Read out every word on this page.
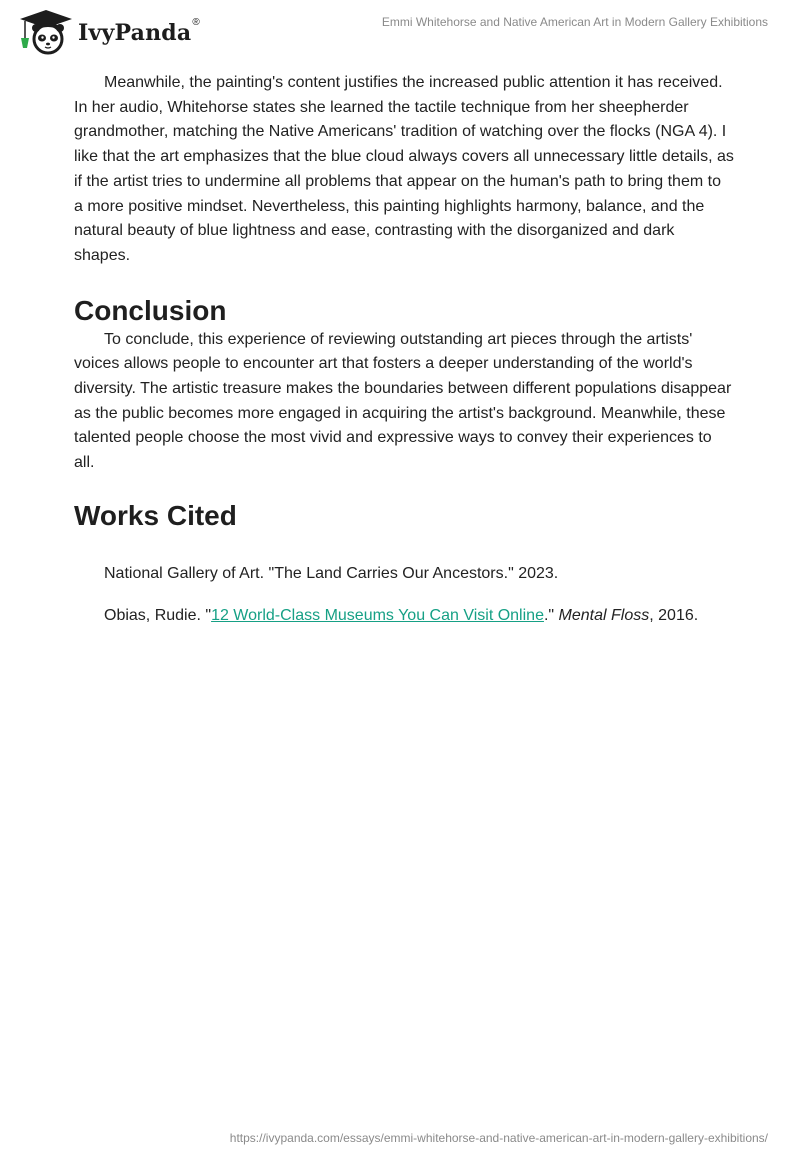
IvyPanda ®	Emmi Whitehorse and Native American Art in Modern Gallery Exhibitions

Meanwhile, the painting's content justifies the increased public attention it has received. In her audio, Whitehorse states she learned the tactile technique from her sheepherder grandmother, matching the Native Americans' tradition of watching over the flocks (NGA 4). I like that the art emphasizes that the blue cloud always covers all unnecessary little details, as if the artist tries to undermine all problems that appear on the human's path to bring them to a more positive mindset. Nevertheless, this painting highlights harmony, balance, and the natural beauty of blue lightness and ease, contrasting with the disorganized and dark shapes.

Conclusion

To conclude, this experience of reviewing outstanding art pieces through the artists' voices allows people to encounter art that fosters a deeper understanding of the world's diversity. The artistic treasure makes the boundaries between different populations disappear as the public becomes more engaged in acquiring the artist's background. Meanwhile, these talented people choose the most vivid and expressive ways to convey their experiences to all.

Works Cited

National Gallery of Art. "The Land Carries Our Ancestors." 2023.

Obias, Rudie. "12 World-Class Museums You Can Visit Online." Mental Floss, 2016.

https://ivypanda.com/essays/emmi-whitehorse-and-native-american-art-in-modern-gallery-exhibitions/
